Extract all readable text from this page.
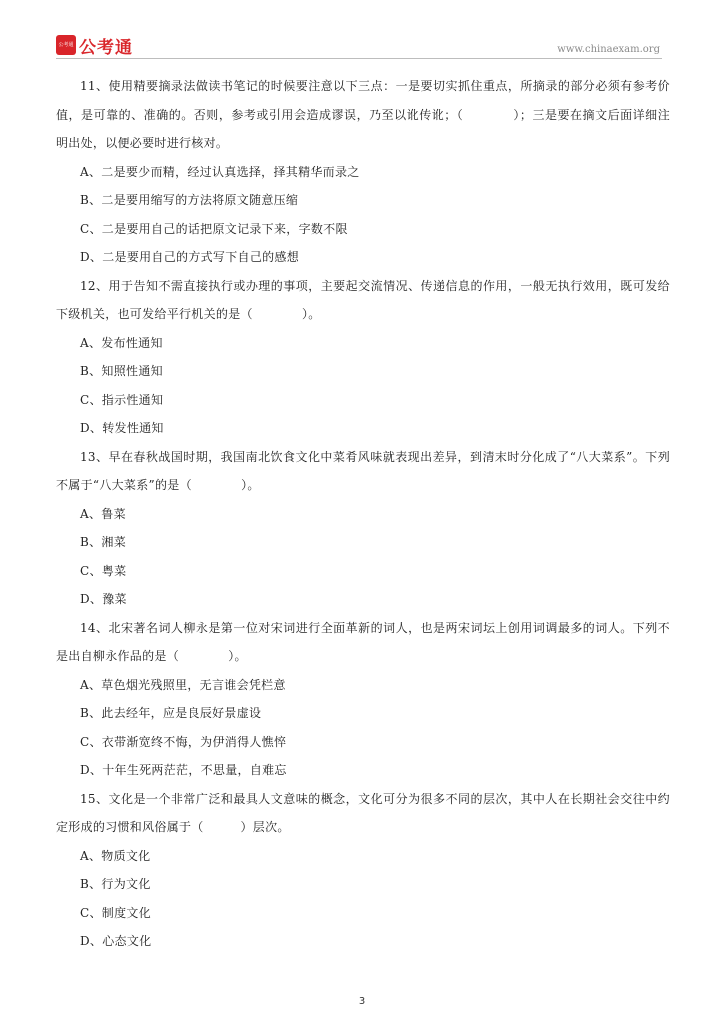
公考通 公考通	www.chinaexam.org

11、使用精要摘录法做读书笔记的时候要注意以下三点：一是要切实抓住重点，所摘录的部分必须有参考价值，是可靠的、准确的。否则，参考或引用会造成谬误，乃至以讹传讹；（　　　　）；三是要在摘文后面详细注明出处，以便必要时进行核对。

A、二是要少而精，经过认真选择，择其精华而录之

B、二是要用缩写的方法将原文随意压缩

C、二是要用自己的话把原文记录下来，字数不限

D、二是要用自己的方式写下自己的感想

12、用于告知不需直接执行或办理的事项，主要起交流情况、传递信息的作用，一般无执行效用，既可发给下级机关，也可发给平行机关的是（　　　　）。

A、发布性通知

B、知照性通知

C、指示性通知

D、转发性通知

13、早在春秋战国时期，我国南北饮食文化中菜肴风味就表现出差异，到清末时分化成了“八大菜系”。下列不属于“八大菜系”的是（　　　　）。

A、鲁菜

B、湘菜

C、粤菜

D、豫菜

14、北宋著名词人柳永是第一位对宋词进行全面革新的词人，也是两宋词坛上创用词调最多的词人。下列不是出自柳永作品的是（　　　　）。

A、草色烟光残照里，无言谁会凭栏意

B、此去经年，应是良辰好景虚设

C、衣带渐宽终不悔，为伊消得人憔悴

D、十年生死两茫茫，不思量，自难忘

15、文化是一个非常广泛和最具人文意味的概念，文化可分为很多不同的层次，其中人在长期社会交往中约定形成的习惯和风俗属于（　　　）层次。

A、物质文化

B、行为文化

C、制度文化

D、心态文化

3
